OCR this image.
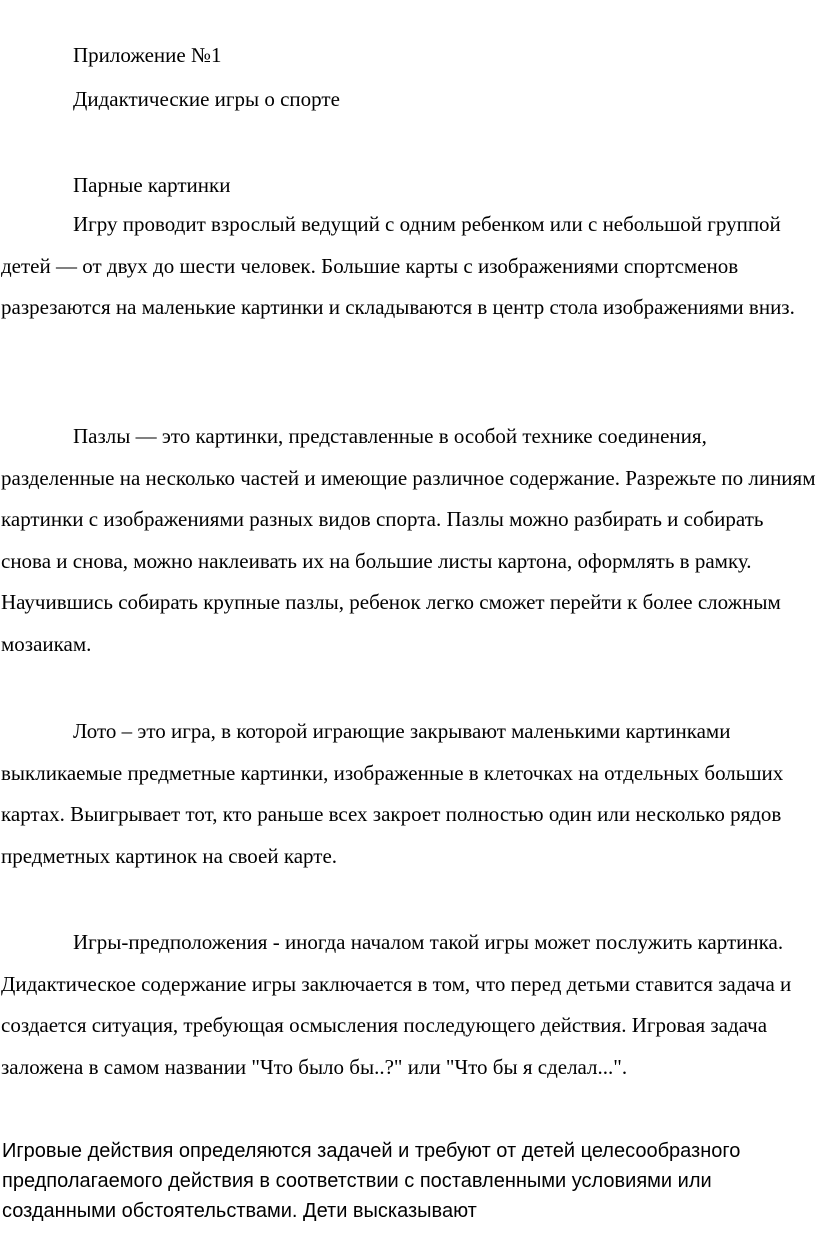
Приложение №1
Дидактические игры о спорте
Парные картинки

Игру проводит взрослый ведущий с одним ребенком или с небольшой группой детей — от двух до шести человек. Большие карты с изображениями спортсменов разрезаются на маленькие картинки и складываются в центр стола изображениями вниз.

Пазлы — это картинки, представленные в особой технике соединения, разделенные на несколько частей и имеющие различное содержание. Разрежьте по линиям картинки с изображениями разных видов спорта. Пазлы можно разбирать и собирать снова и снова, можно наклеивать их на большие листы картона, оформлять в рамку. Научившись собирать крупные пазлы, ребенок легко сможет перейти к более сложным мозаикам.

Лото – это игра, в которой играющие закрывают маленькими картинками выкликаемые предметные картинки, изображенные в клеточках на отдельных больших картах. Выигрывает тот, кто раньше всех закроет полностью один или несколько рядов предметных картинок на своей карте.

Игры-предположения - иногда началом такой игры может послужить картинка. Дидактическое содержание игры заключается в том, что перед детьми ставится задача и создается ситуация, требующая осмысления последующего действия. Игровая задача заложена в самом названии "Что было бы..?" или "Что бы я сделал...".

Игровые действия определяются задачей и требуют от детей целесообразного предполагаемого действия в соответствии с поставленными условиями или созданными обстоятельствами. Дети высказывают
